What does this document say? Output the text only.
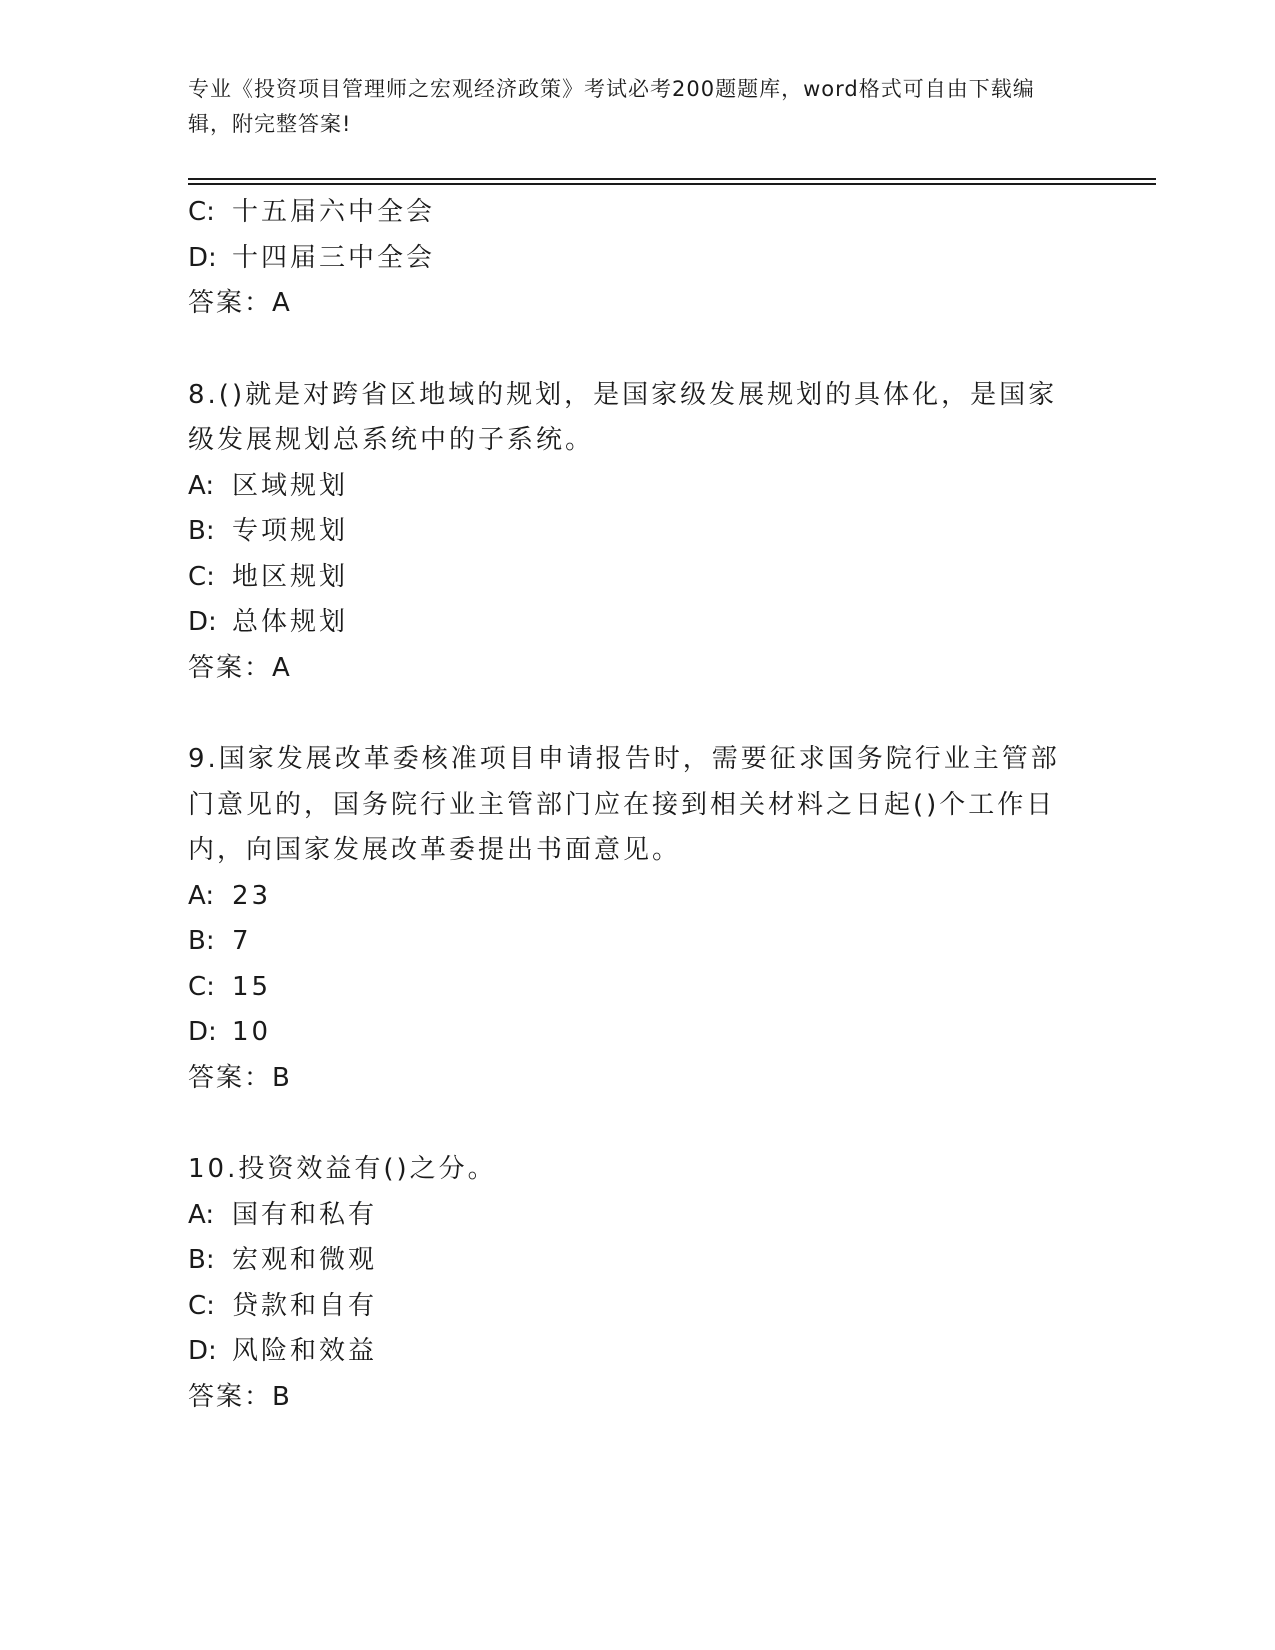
专业《投资项目管理师之宏观经济政策》考试必考200题题库，word格式可自由下载编辑，附完整答案!
C: 十五届六中全会
D: 十四届三中全会
答案：A
8.()就是对跨省区地域的规划，是国家级发展规划的具体化，是国家级发展规划总系统中的子系统。
A: 区域规划
B: 专项规划
C: 地区规划
D: 总体规划
答案：A
9.国家发展改革委核准项目申请报告时，需要征求国务院行业主管部门意见的，国务院行业主管部门应在接到相关材料之日起()个工作日内，向国家发展改革委提出书面意见。
A: 23
B: 7
C: 15
D: 10
答案：B
10.投资效益有()之分。
A: 国有和私有
B: 宏观和微观
C: 贷款和自有
D: 风险和效益
答案：B
